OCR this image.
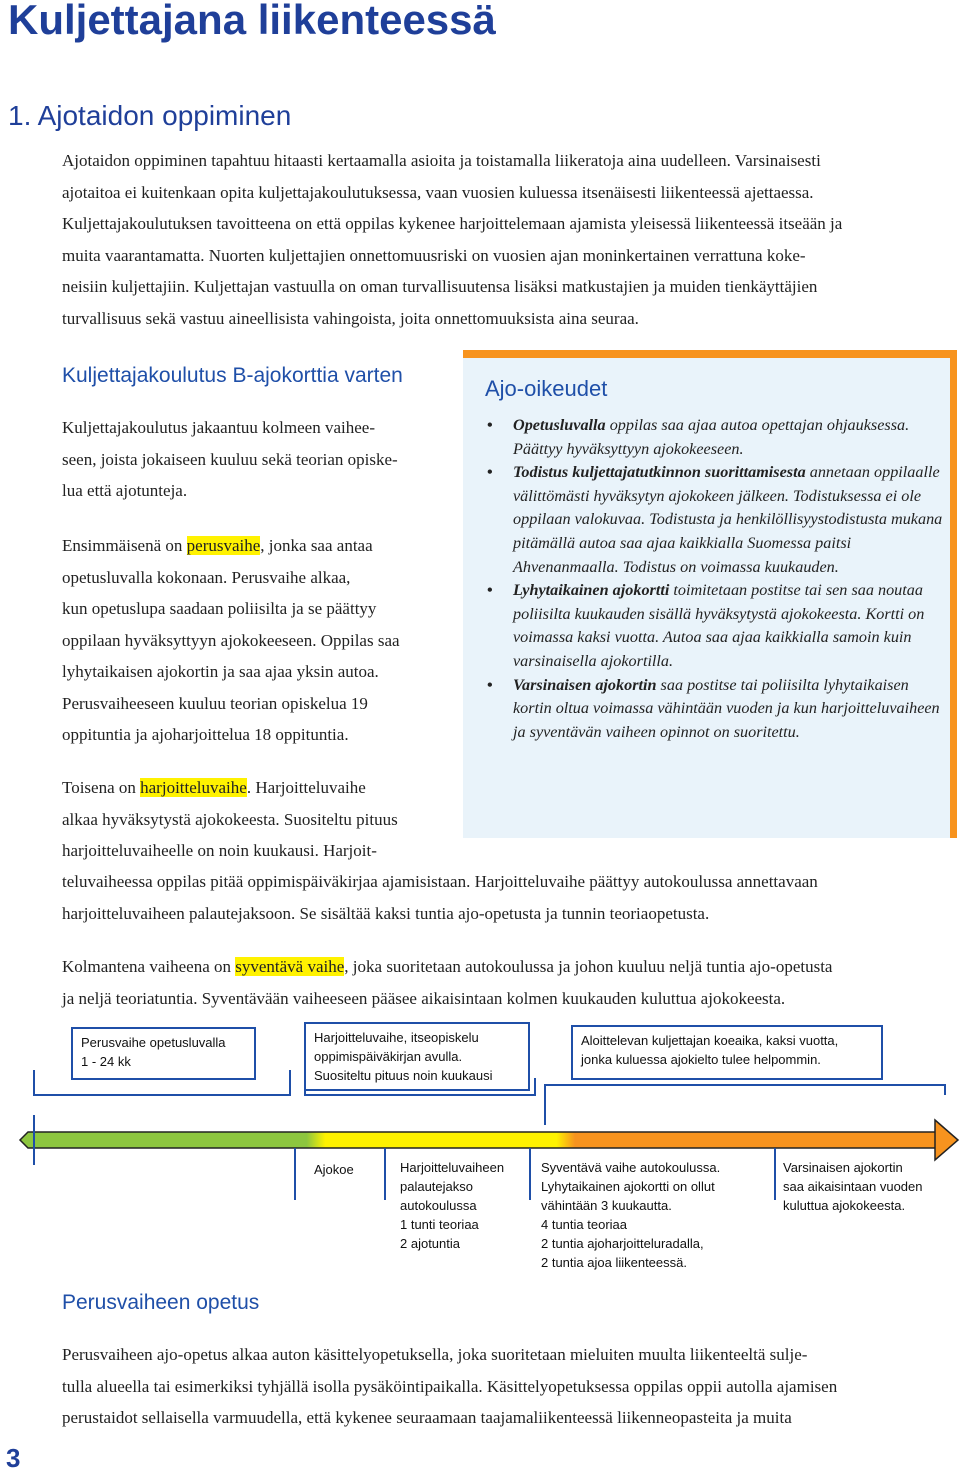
Kuljettajana liikenteessä
1. Ajotaidon oppiminen
Ajotaidon oppiminen tapahtuu hitaasti kertaamalla asioita ja toistamalla liikeratoja aina uudelleen. Varsinaisesti
ajotaitoa ei kuitenkaan opita kuljettajakoulutuksessa, vaan vuosien kuluessa itsenäisesti liikenteessä ajettaessa.
Kuljettajakoulutuksen tavoitteena on että oppilas kykenee harjoittelemaan ajamista yleisessä liikenteessä itseään ja
muita vaarantamatta. Nuorten kuljettajien onnettomuusriski on vuosien ajan moninkertainen verrattuna koke-
neisiin kuljettajiin. Kuljettajan vastuulla on oman turvallisuutensa lisäksi matkustajien ja muiden tienkäyttäjien
turvallisuus sekä vastuu aineellisista vahingoista, joita onnettomuuksista aina seuraa.
Kuljettajakoulutus B-ajokorttia varten
Kuljettajakoulutus jakaantuu kolmeen vaihee-
seen, joista jokaiseen kuuluu sekä teorian opiske-
lua että ajotunteja.
Ensimmäisenä on perusvaihe, jonka saa antaa
opetusluvalla kokonaan. Perusvaihe alkaa,
kun opetuslupa saadaan poliisilta ja se päättyy
oppilaan hyväksyttyyn ajokokeeseen. Oppilas saa
lyhytaikaisen ajokortin ja saa ajaa yksin autoa.
Perusvaiheeseen kuuluu teorian opiskelua 19
oppituntia ja ajoharjoittelua 18 oppituntia.
Toisena on harjoitteluvaihe. Harjoitteluvaihe
alkaa hyväksytystä ajokokeesta. Suositeltu pituus
harjoitteluvaiheelle on noin kuukausi. Harjoit-
teluvaiheessa oppilas pitää oppimispäiväkirjaa ajamisistaan. Harjoitteluvaihe päättyy autokoulussa annettavaan
harjoitteluvaiheen palautejaksoon. Se sisältää kaksi tuntia ajo-opetusta ja tunnin teoriaopetusta.
Kolmantena vaiheena on syventävä vaihe, joka suoritetaan autokoulussa ja johon kuuluu neljä tuntia ajo-opetusta
ja neljä teoriatuntia. Syventävään vaiheeseen pääsee aikaisintaan kolmen kuukauden kuluttua ajokokeesta.
Ajo-oikeudet
• Opetusluvalla oppilas saa ajaa autoa opettajan ohjauksessa. Päättyy hyväksyttyyn ajokokeeseen.
• Todistus kuljettajatutkinnon suorittamisesta annetaan oppilaalle välittömästi hyväksytyn ajokokeen jälkeen. Todistuksessa ei ole oppilaan valokuvaa. Todistusta ja henkilöllisyystodistusta mukana pitämällä autoa saa ajaa kaikkialla Suomessa paitsi Ahvenanmaalla. Todistus on voimassa kuukauden.
• Lyhytaikainen ajokortti toimitetaan postitse tai sen saa noutaa poliisilta kuukauden sisällä hyväksytystä ajokokeesta. Kortti on voimassa kaksi vuotta. Autoa saa ajaa kaikkialla samoin kuin varsinaisella ajokortilla.
• Varsinaisen ajokortin saa postitse tai poliisilta lyhytaikaisen kortin oltua voimassa vähintään vuoden ja kun harjoitteluvaiheen ja syventävän vaiheen opinnot on suoritettu.
Perusvaihe opetusluvalla
1 - 24 kk
Harjoitteluvaihe, itseopiskelu
oppimispäiväkirjan avulla.
Suositeltu pituus noin kuukausi
Aloittelevan kuljettajan koeaika, kaksi vuotta,
jonka kuluessa ajokielto tulee helpommin.
Ajokoe	Harjoitteluvaiheen
palautejakso
autokoulussa
1 tunti teoriaa
2 ajotuntia
Syventävä vaihe autokoulussa.
Lyhytaikainen ajokortti on ollut
vähintään 3 kuukautta.
4 tuntia teoriaa
2 tuntia ajoharjoitteluradalla,
2 tuntia ajoa liikenteessä.
Varsinaisen ajokortin
saa aikaisintaan vuoden
kuluttua ajokokeesta.
Perusvaiheen opetus
Perusvaiheen ajo-opetus alkaa auton käsittelyopetuksella, joka suoritetaan mieluiten muulta liikenteeltä sulje-
tulla alueella tai esimerkiksi tyhjällä isolla pysäköintipaikalla. Käsittelyopetuksessa oppilas oppii autolla ajamisen
perustaidot sellaisella varmuudella, että kykenee seuraamaan taajamaliikenteessä liikenneopasteita ja muita
3
